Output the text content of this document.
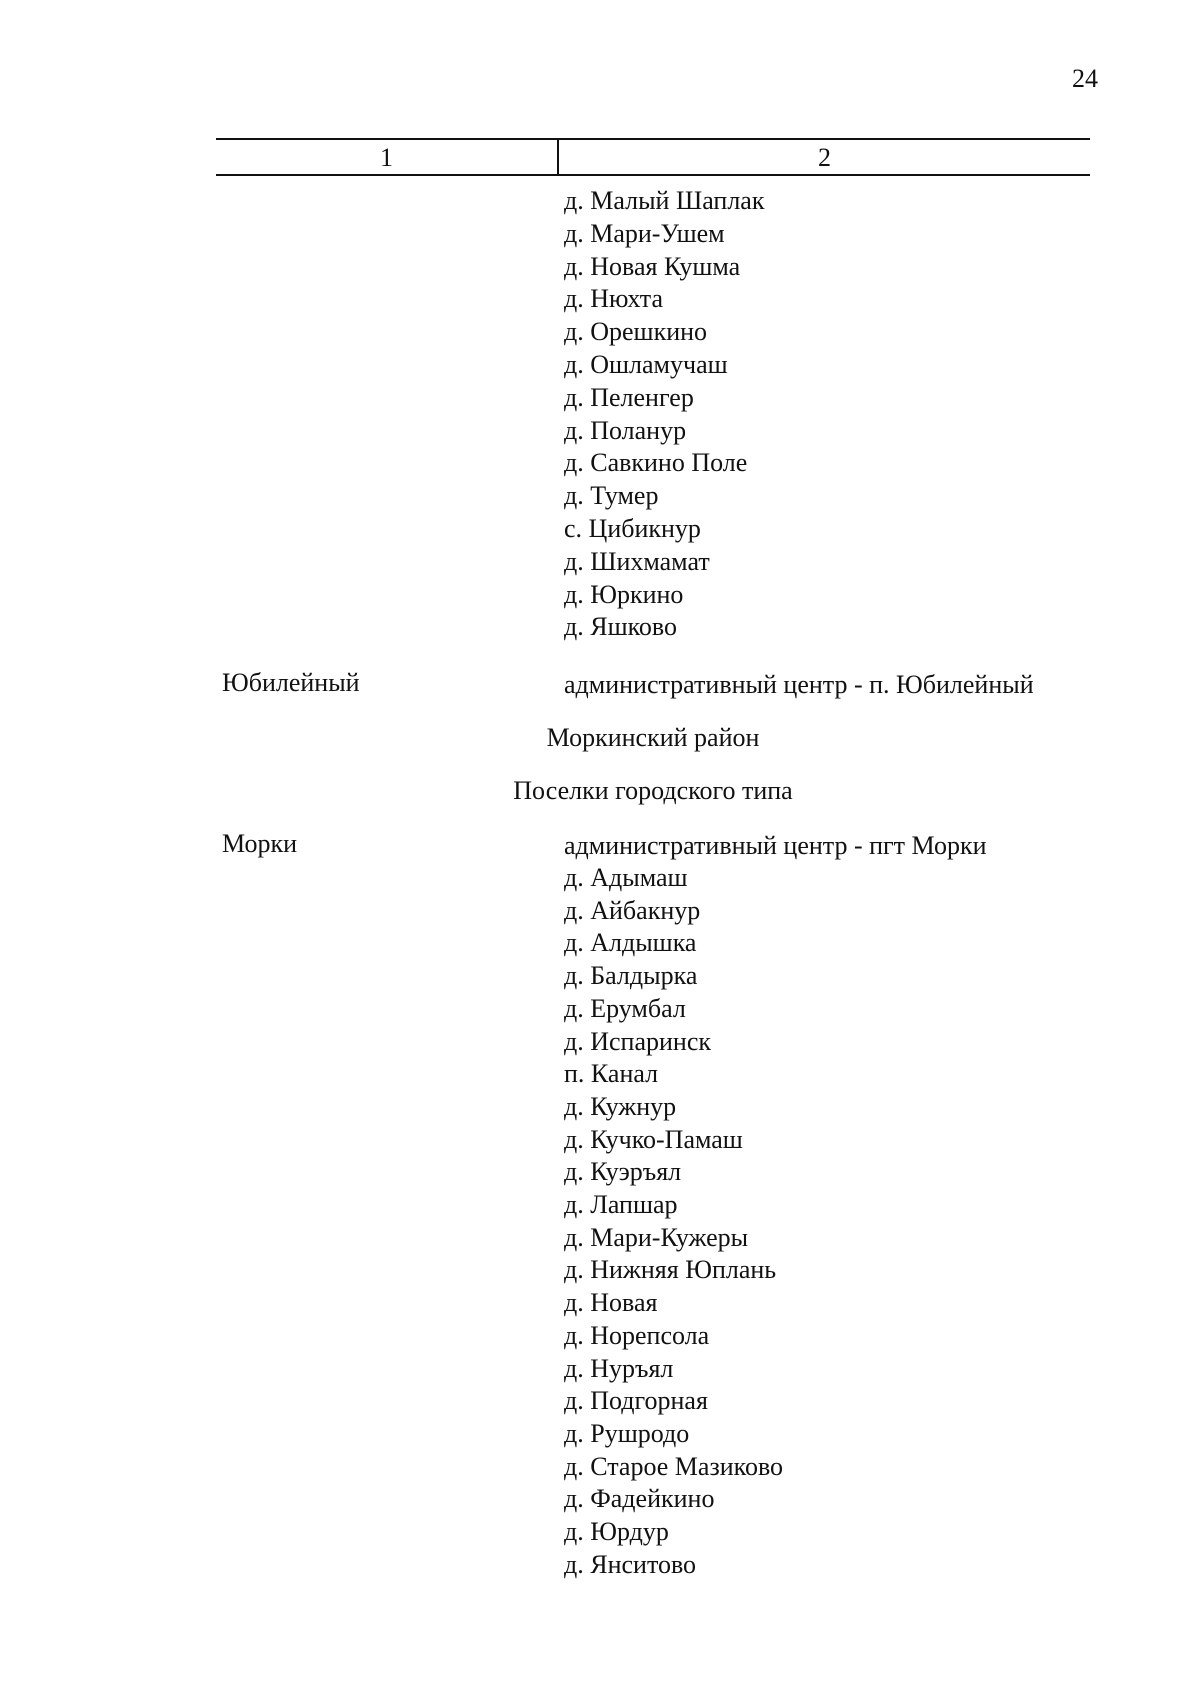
24
1	2
д. Малый Шаплак
д. Мари-Ушем
д. Новая Кушма
д. Нюхта
д. Орешкино
д. Ошламучаш
д. Пеленгер
д. Поланур
д. Савкино Поле
д. Тумер
с. Цибикнур
д. Шихмамат
д. Юркино
д. Яшково
Юбилейный	административный центр - п. Юбилейный
Моркинский район
Поселки городского типа
Морки	административный центр - пгт Морки
д. Адымаш
д. Айбакнур
д. Алдышка
д. Балдырка
д. Ерумбал
д. Испаринск
п. Канал
д. Кужнур
д. Кучко-Памаш
д. Куэръял
д. Лапшар
д. Мари-Кужеры
д. Нижняя Юплань
д. Новая
д. Норепсола
д. Нуръял
д. Подгорная
д. Рушродо
д. Старое Мазиково
д. Фадейкино
д. Юрдур
д. Янситово
